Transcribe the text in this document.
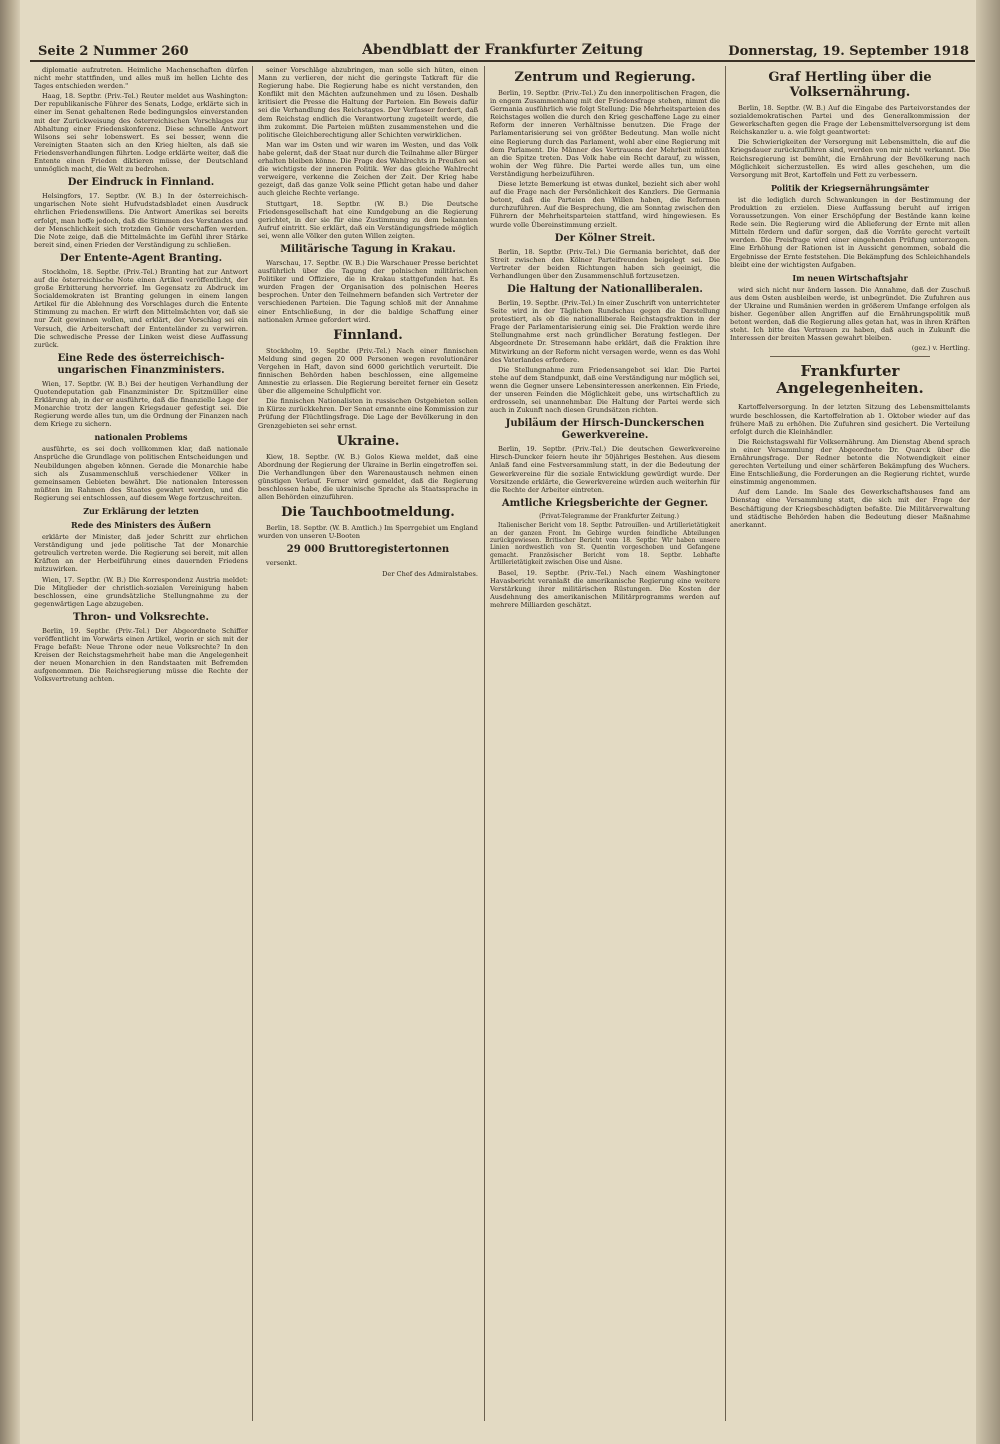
Seite 2 Nummer 260	Abendblatt der Frankfurter Zeitung	Donnerstag, 19. September 1918

diplomatie aufzutreten. Heimliche Machenschaften dürfen nicht mehr stattfinden, und alles muß im hellen Lichte des Tages entschieden werden."

Haag, 18. Septbr. (Priv.-Tel.) Reuter meldet aus Washington: Der republikanische Führer des Senats, Lodge, erklärte sich in einer im Senat gehaltenen Rede bedingungslos einverstanden mit der Zurückweisung des österreichischen Vorschlages zur Abhaltung einer Friedenskonferenz. Diese schnelle Antwort Wilsons sei sehr lobenswert. Es sei besser, wenn die Vereinigten Staaten sich an den Krieg hielten, als daß sie Friedensverhandlungen führten. Lodge erklärte weiter, daß die Entente einen Frieden diktieren müsse, der Deutschland unmöglich macht, die Welt zu bedrohen.

Der Eindruck in Finnland.

Helsingfors, 17. Septbr. (W. B.) In der österreichisch-ungarischen Note sieht Hufvudstadsbladet einen Ausdruck ehrlichen Friedenswillens. Die Antwort Amerikas sei bereits erfolgt, man hoffe jedoch, daß die Stimmen des Verstandes und der Menschlichkeit sich trotzdem Gehör verschaffen werden. Die Note zeige, daß die Mittelmächte im Gefühl ihrer Stärke bereit sind, einen Frieden der Verständigung zu schließen.

Der Entente-Agent Branting.

Stockholm, 18. Septbr. (Priv.-Tel.) Branting hat zur Antwort auf die österreichische Note einen Artikel veröffentlicht, der große Erbitterung hervorrief. Im Gegensatz zu Abdruck im Socialdemokraten ist Branting gelungen in einem langen Artikel für die Ablehnung des Vorschlages durch die Entente Stimmung zu machen. Er wirft den Mittelmächten vor, daß sie nur Zeit gewinnen wollen, und erklärt, der Vorschlag sei ein Versuch, die Arbeiterschaft der Ententeländer zu verwirren. Die schwedische Presse der Linken weist diese Auffassung zurück.

Eine Rede des österreichisch-ungarischen Finanzministers.

Wien, 17. Septbr. (W. B.) Bei der heutigen Verhandlung der Quotendeputation gab Finanzminister Dr. Spitzmüller eine Erklärung ab, in der er ausführte, daß die finanzielle Lage der Monarchie trotz der langen Kriegsdauer gefestigt sei. Die Regierung werde alles tun, um die Ordnung der Finanzen nach dem Kriege zu sichern.

nationalen Problems

ausführte, es sei doch vollkommen klar, daß nationale Ansprüche die Grundlage von politischen Entscheidungen und Neubildungen abgeben können. Gerade die Monarchie habe sich als Zusammenschluß verschiedener Völker in gemeinsamen Gebieten bewährt. Die nationalen Interessen müßten im Rahmen des Staates gewahrt werden, und die Regierung sei entschlossen, auf diesem Wege fortzuschreiten.

Zur Erklärung der letzten
Rede des Ministers des Äußern

erklärte der Minister, daß jeder Schritt zur ehrlichen Verständigung und jede politische Tat der Monarchie getreulich vertreten werde. Die Regierung sei bereit, mit allen Kräften an der Herbeiführung eines dauernden Friedens mitzuwirken.

Wien, 17. Septbr. (W. B.) Die Korrespondenz Austria meldet: Die Mitglieder der christlich-sozialen Vereinigung haben beschlossen, eine grundsätzliche Stellungnahme zu der gegenwärtigen Lage abzugeben.

Thron- und Volksrechte.

Berlin, 19. Septbr. (Priv.-Tel.) Der Abgeordnete Schiffer veröffentlicht im Vorwärts einen Artikel, worin er sich mit der Frage befaßt: Neue Throne oder neue Volksrechte? In den Kreisen der Reichstagsmehrheit habe man die Angelegenheit der neuen Monarchien in den Randstaaten mit Befremden aufgenommen. Die Reichsregierung müsse die Rechte der Volksvertretung achten.

seiner Vorschläge abzubringen, man solle sich hüten, einen Mann zu verlieren, der nicht die geringste Tatkraft für die Regierung habe. Die Regierung habe es nicht verstanden, den Konflikt mit den Mächten aufzunehmen und zu lösen. Deshalb kritisiert die Presse die Haltung der Parteien. Ein Beweis dafür sei die Verhandlung des Reichstages. Der Verfasser fordert, daß dem Reichstag endlich die Verantwortung zugeteilt werde, die ihm zukommt. Die Parteien müßten zusammenstehen und die politische Gleichberechtigung aller Schichten verwirklichen.

Man war im Osten und wir waren im Westen, und das Volk habe gelernt, daß der Staat nur durch die Teilnahme aller Bürger erhalten bleiben könne. Die Frage des Wahlrechts in Preußen sei die wichtigste der inneren Politik. Wer das gleiche Wahlrecht verweigere, verkenne die Zeichen der Zeit. Der Krieg habe gezeigt, daß das ganze Volk seine Pflicht getan habe und daher auch gleiche Rechte verlange.

Stuttgart, 18. Septbr. (W. B.) Die Deutsche Friedensgesellschaft hat eine Kundgebung an die Regierung gerichtet, in der sie für eine Zustimmung zu dem bekannten Aufruf eintritt. Sie erklärt, daß ein Verständigungsfriede möglich sei, wenn alle Völker den guten Willen zeigten.

Militärische Tagung in Krakau.

Warschau, 17. Septbr. (W. B.) Die Warschauer Presse berichtet ausführlich über die Tagung der polnischen militärischen Politiker und Offiziere, die in Krakau stattgefunden hat. Es wurden Fragen der Organisation des polnischen Heeres besprochen. Unter den Teilnehmern befanden sich Vertreter der verschiedenen Parteien. Die Tagung schloß mit der Annahme einer Entschließung, in der die baldige Schaffung einer nationalen Armee gefordert wird.

Finnland.

Stockholm, 19. Septbr. (Priv.-Tel.) Nach einer finnischen Meldung sind gegen 20 000 Personen wegen revolutionärer Vergehen in Haft, davon sind 6000 gerichtlich verurteilt. Die finnischen Behörden haben beschlossen, eine allgemeine Amnestie zu erlassen. Die Regierung bereitet ferner ein Gesetz über die allgemeine Schulpflicht vor.

Die finnischen Nationalisten in russischen Ostgebieten sollen in Kürze zurückkehren. Der Senat ernannte eine Kommission zur Prüfung der Flüchtlingsfrage. Die Lage der Bevölkerung in den Grenzgebieten sei sehr ernst.

Ukraine.

Kiew, 18. Septbr. (W. B.) Golos Kiewa meldet, daß eine Abordnung der Regierung der Ukraine in Berlin eingetroffen sei. Die Verhandlungen über den Warenaustausch nehmen einen günstigen Verlauf. Ferner wird gemeldet, daß die Regierung beschlossen habe, die ukrainische Sprache als Staatssprache in allen Behörden einzuführen.

Die Tauchbootmeldung.

Berlin, 18. Septbr. (W. B. Amtlich.) Im Sperrgebiet um England wurden von unseren U-Booten

29 000 Bruttoregistertonnen

versenkt.

Der Chef des Admiralstabes.

Zentrum und Regierung.

Berlin, 19. Septbr. (Priv.-Tel.) Zu den innerpolitischen Fragen, die in engem Zusammenhang mit der Friedensfrage stehen, nimmt die Germania ausführlich wie folgt Stellung: Die Mehrheitsparteien des Reichstages wollen die durch den Krieg geschaffene Lage zu einer Reform der inneren Verhältnisse benutzen. Die Frage der Parlamentarisierung sei von größter Bedeutung. Man wolle nicht eine Regierung durch das Parlament, wohl aber eine Regierung mit dem Parlament. Die Männer des Vertrauens der Mehrheit müßten an die Spitze treten. Das Volk habe ein Recht darauf, zu wissen, wohin der Weg führe. Die Partei werde alles tun, um eine Verständigung herbeizuführen.

Diese letzte Bemerkung ist etwas dunkel, bezieht sich aber wohl auf die Frage nach der Persönlichkeit des Kanzlers. Die Germania betont, daß die Parteien den Willen haben, die Reformen durchzuführen. Auf die Besprechung, die am Sonntag zwischen den Führern der Mehrheitsparteien stattfand, wird hingewiesen. Es wurde volle Übereinstimmung erzielt.

Der Kölner Streit.

Berlin, 18. Septbr. (Priv.-Tel.) Die Germania berichtet, daß der Streit zwischen den Kölner Parteifreunden beigelegt sei. Die Vertreter der beiden Richtungen haben sich geeinigt, die Verhandlungen über den Zusammenschluß fortzusetzen.

Die Haltung der Nationalliberalen.

Berlin, 19. Septbr. (Priv.-Tel.) In einer Zuschrift von unterrichteter Seite wird in der Täglichen Rundschau gegen die Darstellung protestiert, als ob die nationalliberale Reichstagsfraktion in der Frage der Parlamentarisierung einig sei. Die Fraktion werde ihre Stellungnahme erst nach gründlicher Beratung festlegen. Der Abgeordnete Dr. Stresemann habe erklärt, daß die Fraktion ihre Mitwirkung an der Reform nicht versagen werde, wenn es das Wohl des Vaterlandes erfordere.

Die Stellungnahme zum Friedensangebot sei klar. Die Partei stehe auf dem Standpunkt, daß eine Verständigung nur möglich sei, wenn die Gegner unsere Lebensinteressen anerkennen. Ein Friede, der unseren Feinden die Möglichkeit gebe, uns wirtschaftlich zu erdrosseln, sei unannehmbar. Die Haltung der Partei werde sich auch in Zukunft nach diesen Grundsätzen richten.

Jubiläum der Hirsch-Dunckerschen Gewerkvereine.

Berlin, 19. Septbr. (Priv.-Tel.) Die deutschen Gewerkvereine Hirsch-Duncker feiern heute ihr 50jähriges Bestehen. Aus diesem Anlaß fand eine Festversammlung statt, in der die Bedeutung der Gewerkvereine für die soziale Entwicklung gewürdigt wurde. Der Vorsitzende erklärte, die Gewerkvereine würden auch weiterhin für die Rechte der Arbeiter eintreten.

Amtliche Kriegsberichte der Gegner.

(Privat-Telegramme der Frankfurter Zeitung.)

Italienischer Bericht vom 18. Septbr. Patrouillen- und Artillerietätigkeit an der ganzen Front. Im Gebirge wurden feindliche Abteilungen zurückgewiesen. Britischer Bericht vom 18. Septbr. Wir haben unsere Linien nordwestlich von St. Quentin vorgeschoben und Gefangene gemacht. Französischer Bericht vom 18. Septbr. Lebhafte Artillerietätigkeit zwischen Oise und Aisne.

Basel, 19. Septbr. (Priv.-Tel.) Nach einem Washingtoner Havasbericht veranlaßt die amerikanische Regierung eine weitere Verstärkung ihrer militärischen Rüstungen. Die Kosten der Ausdehnung des amerikanischen Militärprogramms werden auf mehrere Milliarden geschätzt.

Graf Hertling über die Volksernährung.

Berlin, 18. Septbr. (W. B.) Auf die Eingabe des Parteivorstandes der sozialdemokratischen Partei und des Generalkommission der Gewerkschaften gegen die Frage der Lebensmittelversorgung ist dem Reichskanzler u. a. wie folgt geantwortet:

Die Schwierigkeiten der Versorgung mit Lebensmitteln, die auf die Kriegsdauer zurückzuführen sind, werden von mir nicht verkannt. Die Reichsregierung ist bemüht, die Ernährung der Bevölkerung nach Möglichkeit sicherzustellen. Es wird alles geschehen, um die Versorgung mit Brot, Kartoffeln und Fett zu verbessern.

Politik der Kriegsernährungsämter

ist die lediglich durch Schwankungen in der Bestimmung der Produktion zu erzielen. Diese Auffassung beruht auf irrigen Voraussetzungen. Von einer Erschöpfung der Bestände kann keine Rede sein. Die Regierung wird die Ablieferung der Ernte mit allen Mitteln fördern und dafür sorgen, daß die Vorräte gerecht verteilt werden. Die Preisfrage wird einer eingehenden Prüfung unterzogen. Eine Erhöhung der Rationen ist in Aussicht genommen, sobald die Ergebnisse der Ernte feststehen. Die Bekämpfung des Schleichhandels bleibt eine der wichtigsten Aufgaben.

Im neuen Wirtschaftsjahr

wird sich nicht nur ändern lassen. Die Annahme, daß der Zuschuß aus dem Osten ausbleiben werde, ist unbegründet. Die Zufuhren aus der Ukraine und Rumänien werden in größerem Umfange erfolgen als bisher. Gegenüber allen Angriffen auf die Ernährungspolitik muß betont werden, daß die Regierung alles getan hat, was in ihren Kräften steht. Ich bitte das Vertrauen zu haben, daß auch in Zukunft die Interessen der breiten Massen gewahrt bleiben.

(gez.) v. Hertling.

Frankfurter Angelegenheiten.

Kartoffelversorgung. In der letzten Sitzung des Lebensmittelamts wurde beschlossen, die Kartoffelration ab 1. Oktober wieder auf das frühere Maß zu erhöhen. Die Zufuhren sind gesichert. Die Verteilung erfolgt durch die Kleinhändler.

Die Reichstagswahl für Volksernährung. Am Dienstag Abend sprach in einer Versammlung der Abgeordnete Dr. Quarck über die Ernährungsfrage. Der Redner betonte die Notwendigkeit einer gerechten Verteilung und einer schärferen Bekämpfung des Wuchers. Eine Entschließung, die Forderungen an die Regierung richtet, wurde einstimmig angenommen.

Auf dem Lande. Im Saale des Gewerkschaftshauses fand am Dienstag eine Versammlung statt, die sich mit der Frage der Beschäftigung der Kriegsbeschädigten befaßte. Die Militärverwaltung und städtische Behörden haben die Bedeutung dieser Maßnahme anerkannt.
